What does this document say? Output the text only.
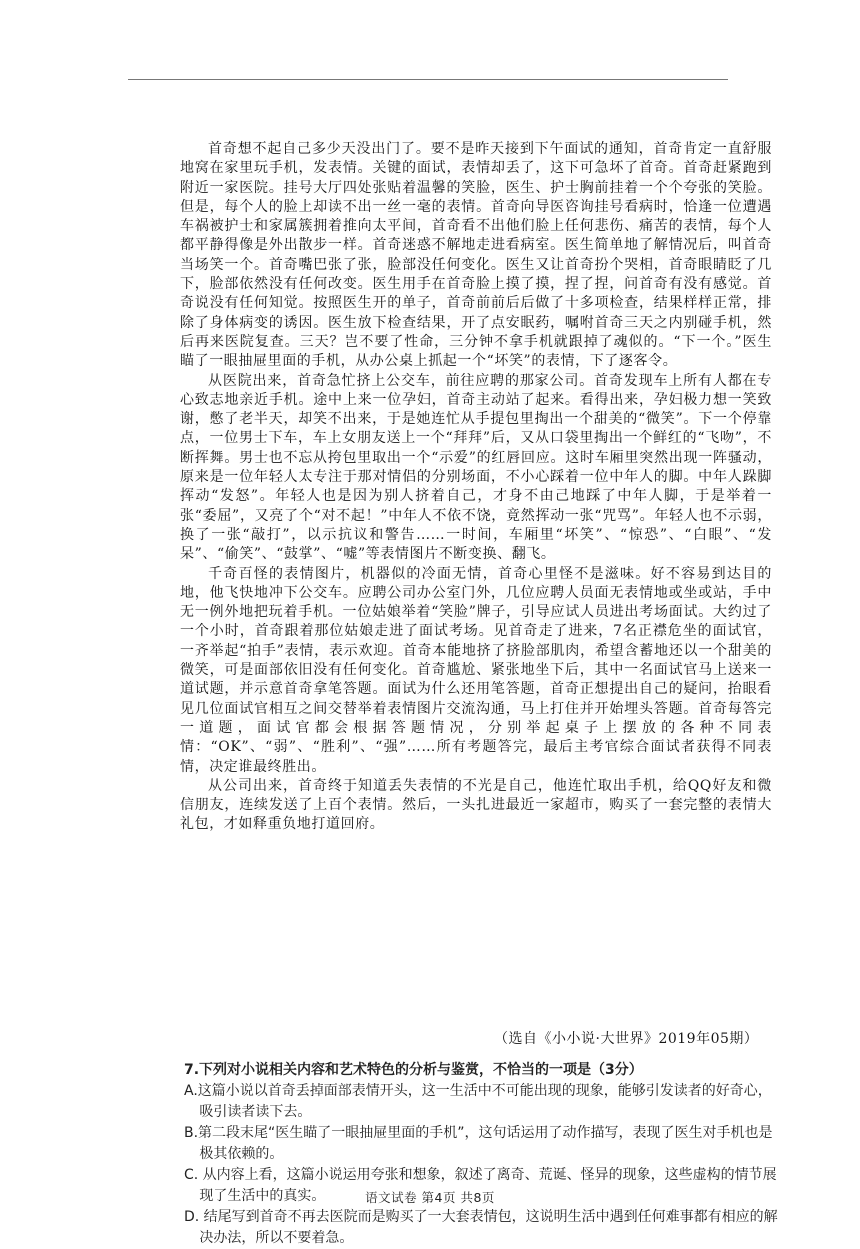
首奇想不起自己多少天没出门了。要不是昨天接到下午面试的通知，首奇肯定一直舒服地窝在家里玩手机，发表情。关键的面试，表情却丢了，这下可急坏了首奇。首奇赶紧跑到附近一家医院。挂号大厅四处张贴着温馨的笑脸，医生、护士胸前挂着一个个夸张的笑脸。但是，每个人的脸上却读不出一丝一毫的表情。首奇向导医咨询挂号看病时，恰逢一位遭遇车祸被护士和家属簇拥着推向太平间，首奇看不出他们脸上任何悲伤、痛苦的表情，每个人都平静得像是外出散步一样。首奇迷惑不解地走进看病室。医生简单地了解情况后，叫首奇当场笑一个。首奇嘴巴张了张，脸部没任何变化。医生又让首奇扮个哭相，首奇眼睛眨了几下，脸部依然没有任何改变。医生用手在首奇脸上摸了摸，捏了捏，问首奇有没有感觉。首奇说没有任何知觉。按照医生开的单子，首奇前前后后做了十多项检查，结果样样正常，排除了身体病变的诱因。医生放下检查结果，开了点安眠药，嘱咐首奇三天之内别碰手机，然后再来医院复查。三天？岂不要了性命，三分钟不拿手机就跟掉了魂似的。“下一个。”医生瞄了一眼抽屉里面的手机，从办公桌上抓起一个“坏笑”的表情，下了逐客令。

从医院出来，首奇急忙挤上公交车，前往应聘的那家公司。首奇发现车上所有人都在专心致志地亲近手机。途中上来一位孕妇，首奇主动站了起来。看得出来，孕妇极力想一笑致谢，憋了老半天，却笑不出来，于是她连忙从手提包里掏出一个甜美的“微笑”。下一个停靠点，一位男士下车，车上女朋友送上一个“拜拜”后，又从口袋里掏出一个鲜红的“飞吻”，不断挥舞。男士也不忘从挎包里取出一个“示爱”的红唇回应。这时车厢里突然出现一阵骚动，原来是一位年轻人太专注于那对情侣的分别场面，不小心踩着一位中年人的脚。中年人跺脚挥动“发怒”。年轻人也是因为别人挤着自己，才身不由己地踩了中年人脚，于是举着一张“委屈”，又亮了个“对不起！”中年人不依不饶，竟然挥动一张“咒骂”。年轻人也不示弱，换了一张“敲打”，以示抗议和警告……一时间，车厢里“坏笑”、“惊恐”、“白眼”、“发呆”、“偷笑”、“鼓掌”、“嘘”等表情图片不断变换、翻飞。

千奇百怪的表情图片，机器似的冷面无情，首奇心里怪不是滋味。好不容易到达目的地，他飞快地冲下公交车。应聘公司办公室门外，几位应聘人员面无表情地或坐或站，手中无一例外地把玩着手机。一位姑娘举着“笑脸”牌子，引导应试人员进出考场面试。大约过了一个小时，首奇跟着那位姑娘走进了面试考场。见首奇走了进来，7名正襟危坐的面试官，一齐举起“拍手”表情，表示欢迎。首奇本能地挤了挤脸部肌肉，希望含蓄地还以一个甜美的微笑，可是面部依旧没有任何变化。首奇尴尬、紧张地坐下后，其中一名面试官马上送来一道试题，并示意首奇拿笔答题。面试为什么还用笔答题，首奇正想提出自己的疑问，抬眼看见几位面试官相互之间交替举着表情图片交流沟通，马上打住并开始埋头答题。首奇每答完一道题，面试官都会根据答题情况，分别举起桌子上摆放的各种不同表情：“OK”、“弱”、“胜利”、“强”……所有考题答完，最后主考官综合面试者获得不同表情，决定谁最终胜出。

从公司出来，首奇终于知道丢失表情的不光是自己，他连忙取出手机，给QQ好友和微信朋友，连续发送了上百个表情。然后，一头扎进最近一家超市，购买了一套完整的表情大礼包，才如释重负地打道回府。

（选自《小小说·大世界》2019年05期）

7.下列对小说相关内容和艺术特色的分析与鉴赏，不恰当的一项是（3分）

A.这篇小说以首奇丢掉面部表情开头，这一生活中不可能出现的现象，能够引发读者的好奇心，吸引读者读下去。

B.第二段末尾“医生瞄了一眼抽屉里面的手机”，这句话运用了动作描写，表现了医生对手机也是极其依赖的。

C. 从内容上看，这篇小说运用夸张和想象，叙述了离奇、荒诞、怪异的现象，这些虚构的情节展现了生活中的真实。

D. 结尾写到首奇不再去医院而是购买了一大套表情包，这说明生活中遇到任何难事都有相应的解决办法，所以不要着急。

语文试卷 第4页 共8页
